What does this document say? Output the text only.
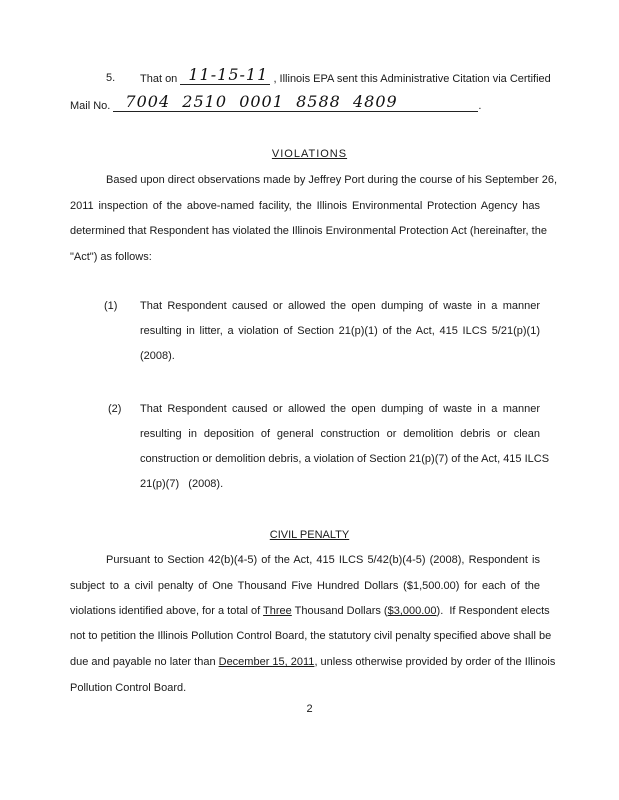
5. That on 11-15-11 , Illinois EPA sent this Administrative Citation via Certified
Mail No. 7004  2510  0001  8588  4809	.
VIOLATIONS
Based upon direct observations made by Jeffrey Port during the course of his September 26,
2011 inspection of the above-named facility, the Illinois Environmental Protection Agency has
determined that Respondent has violated the Illinois Environmental Protection Act (hereinafter, the
"Act") as follows:
(1) That Respondent caused or allowed the open dumping of waste in a manner
resulting in litter, a violation of Section 21(p)(1) of the Act, 415 ILCS 5/21(p)(1)
(2008).
(2) That Respondent caused or allowed the open dumping of waste in a manner
resulting in deposition of general construction or demolition debris or clean
construction or demolition debris, a violation of Section 21(p)(7) of the Act, 415 ILCS
21(p)(7)   (2008).
CIVIL PENALTY
Pursuant to Section 42(b)(4-5) of the Act, 415 ILCS 5/42(b)(4-5) (2008), Respondent is
subject to a civil penalty of One Thousand Five Hundred Dollars ($1,500.00) for each of the
violations identified above, for a total of Three Thousand Dollars ($3,000.00).  If Respondent elects
not to petition the Illinois Pollution Control Board, the statutory civil penalty specified above shall be
due and payable no later than December 15, 2011, unless otherwise provided by order of the Illinois
Pollution Control Board.
2
